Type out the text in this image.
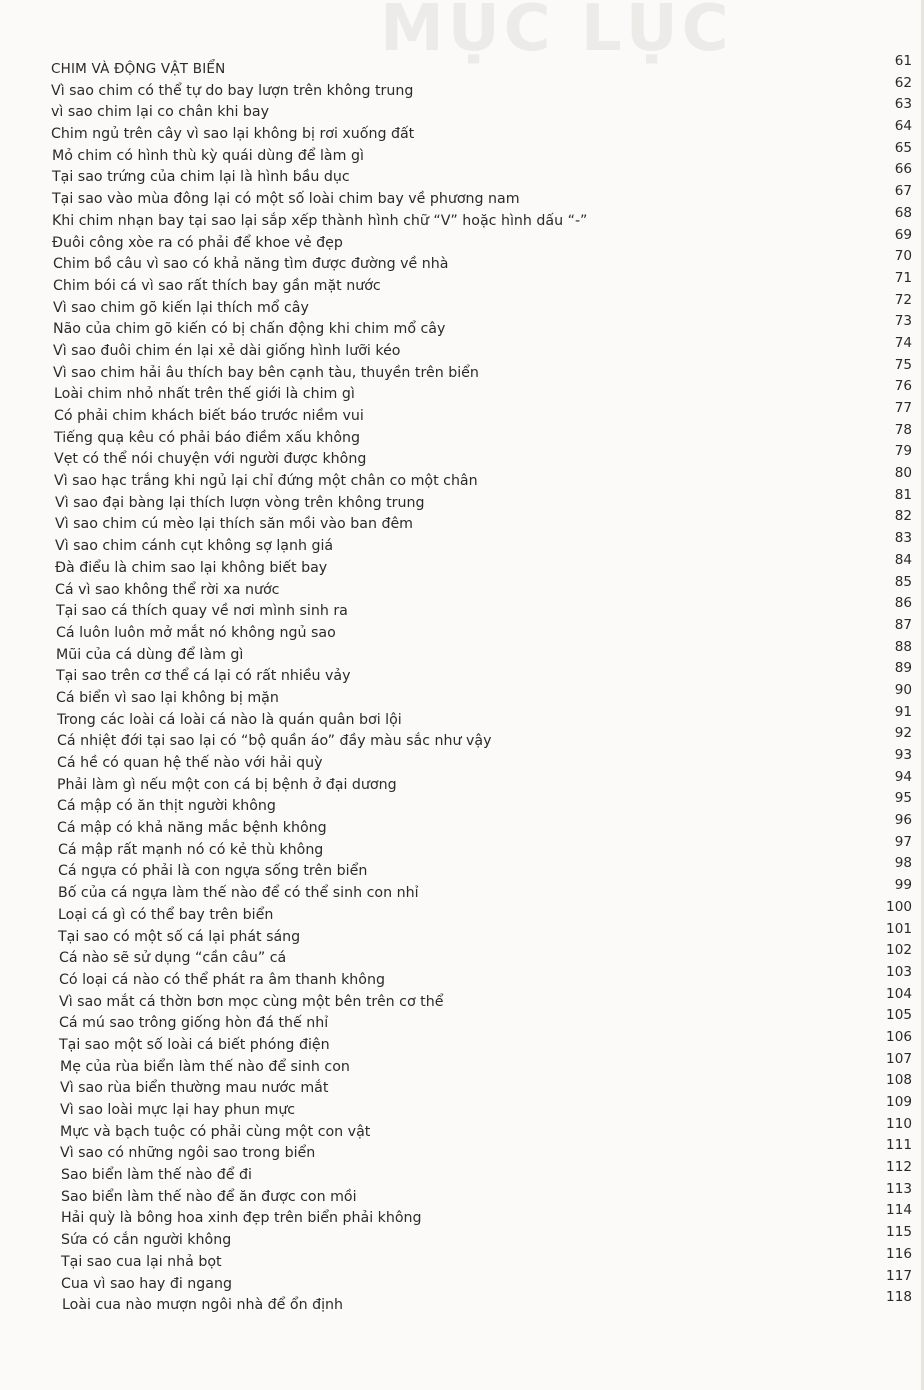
MỤC LỤC
CHIM VÀ ĐỘNG VẬT BIỂN	61
Vì sao chim có thể tự do bay lượn trên không trung	62
vì sao chim lại co chân khi bay	63
Chim ngủ trên cây vì sao lại không bị rơi xuống đất	64
Mỏ chim có hình thù kỳ quái dùng để làm gì	65
Tại sao trứng của chim lại là hình bầu dục	66
Tại sao vào mùa đông lại có một số loài chim bay về phương nam	67
Khi chim nhạn bay tại sao lại sắp xếp thành hình chữ “V” hoặc hình dấu “-”	68
Đuôi công xòe ra có phải để khoe vẻ đẹp	69
Chim bồ câu vì sao có khả năng tìm được đường về nhà	70
Chim bói cá vì sao rất thích bay gần mặt nước	71
Vì sao chim gõ kiến lại thích mổ cây	72
Não của chim gõ kiến có bị chấn động khi chim mổ cây	73
Vì sao đuôi chim én lại xẻ dài giống hình lưỡi kéo	74
Vì sao chim hải âu thích bay bên cạnh tàu, thuyền trên biển	75
Loài chim nhỏ nhất trên thế giới là chim gì	76
Có phải chim khách biết báo trước niềm vui	77
Tiếng quạ kêu có phải báo điềm xấu không	78
Vẹt có thể nói chuyện với người được không	79
Vì sao hạc trắng khi ngủ lại chỉ đứng một chân co một chân	80
Vì sao đại bàng lại thích lượn vòng trên không trung	81
Vì sao chim cú mèo lại thích săn mồi vào ban đêm	82
Vì sao chim cánh cụt không sợ lạnh giá	83
Đà điểu là chim sao lại không biết bay	84
Cá vì sao không thể rời xa nước	85
Tại sao cá thích quay về nơi mình sinh ra	86
Cá luôn luôn mở mắt nó không ngủ sao	87
Mũi của cá dùng để làm gì	88
Tại sao trên cơ thể cá lại có rất nhiều vảy	89
Cá biển vì sao lại không bị mặn	90
Trong các loài cá loài cá nào là quán quân bơi lội	91
Cá nhiệt đới tại sao lại có “bộ quần áo” đầy màu sắc như vậy	92
Cá hề có quan hệ thế nào với hải quỳ	93
Phải làm gì nếu một con cá bị bệnh ở đại dương	94
Cá mập có ăn thịt người không	95
Cá mập có khả năng mắc bệnh không	96
Cá mập rất mạnh nó có kẻ thù không	97
Cá ngựa có phải là con ngựa sống trên biển	98
Bố của cá ngựa làm thế nào để có thể sinh con nhỉ	99
Loại cá gì có thể bay trên biển	100
Tại sao có một số cá lại phát sáng	101
Cá nào sẽ sử dụng “cần câu” cá	102
Có loại cá nào có thể phát ra âm thanh không	103
Vì sao mắt cá thờn bơn mọc cùng một bên trên cơ thể	104
Cá mú sao trông giống hòn đá thế nhỉ	105
Tại sao một số loài cá biết phóng điện	106
Mẹ của rùa biển làm thế nào để sinh con	107
Vì sao rùa biển thường mau nước mắt	108
Vì sao loài mực lại hay phun mực	109
Mực và bạch tuộc có phải cùng một con vật	110
Vì sao có những ngôi sao trong biển	111
Sao biển làm thế nào để đi	112
Sao biển làm thế nào để ăn được con mồi	113
Hải quỳ là bông hoa xinh đẹp trên biển phải không	114
Sứa có cắn người không	115
Tại sao cua lại nhả bọt	116
Cua vì sao hay đi ngang	117
Loài cua nào mượn ngôi nhà để ổn định	118
